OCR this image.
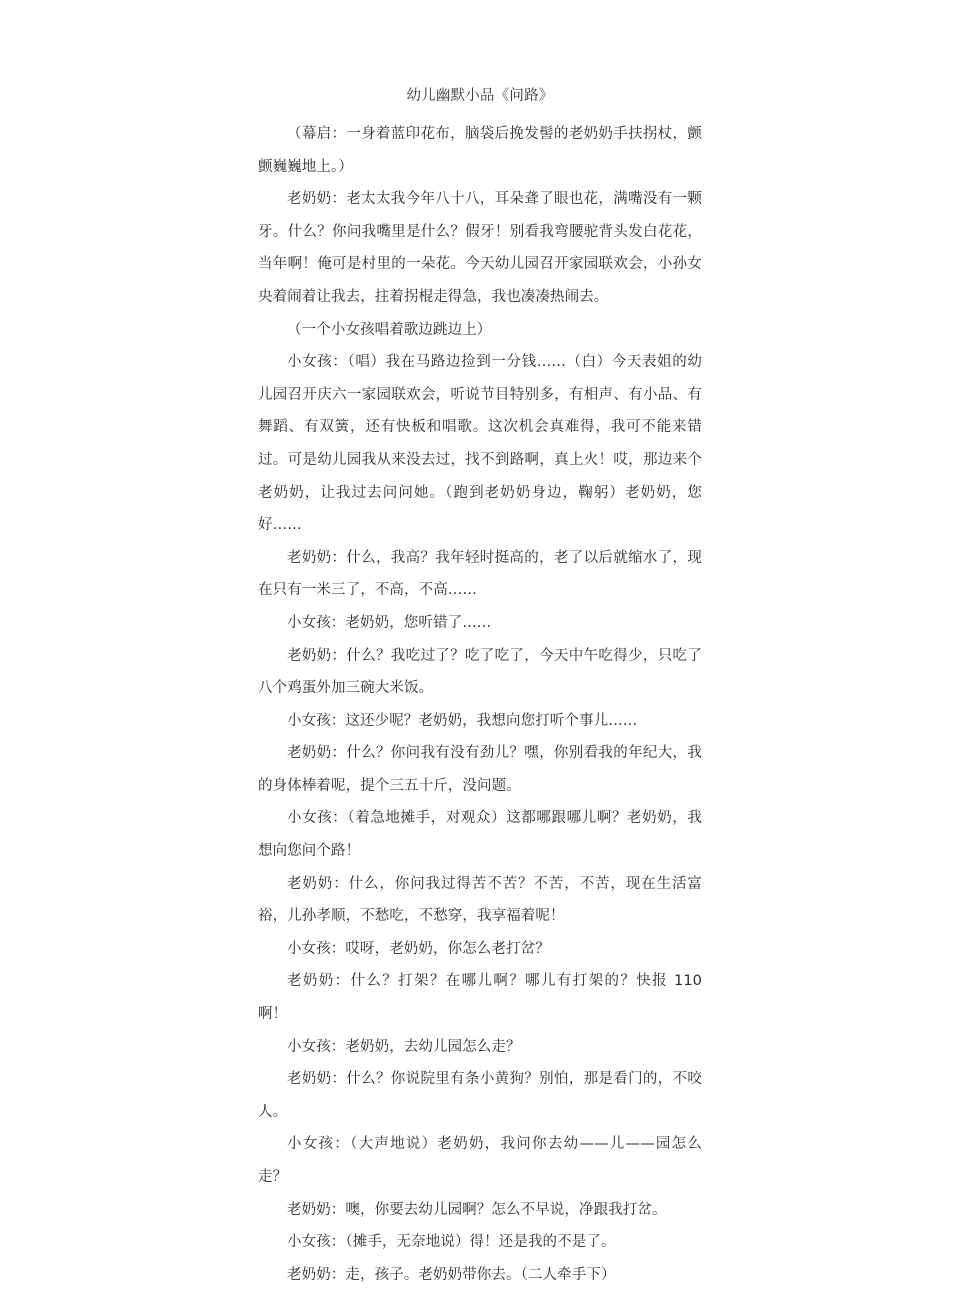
幼儿幽默小品《问路》

（幕启：一身着蓝印花布，脑袋后挽发髻的老奶奶手扶拐杖，颤颤巍巍地上。）

老奶奶：老太太我今年八十八，耳朵聋了眼也花，满嘴没有一颗牙。什么？你问我嘴里是什么？假牙！别看我弯腰驼背头发白花花，当年啊！俺可是村里的一朵花。今天幼儿园召开家园联欢会，小孙女央着闹着让我去，拄着拐棍走得急，我也凑凑热闹去。

（一个小女孩唱着歌边跳边上）

小女孩：（唱）我在马路边捡到一分钱……（白）今天表姐的幼儿园召开庆六一家园联欢会，听说节目特别多，有相声、有小品、有舞蹈、有双簧，还有快板和唱歌。这次机会真难得，我可不能来错过。可是幼儿园我从来没去过，找不到路啊，真上火！哎，那边来个老奶奶，让我过去问问她。（跑到老奶奶身边，鞠躬）老奶奶，您好……

老奶奶：什么，我高？我年轻时挺高的，老了以后就缩水了，现在只有一米三了，不高，不高……

小女孩：老奶奶，您听错了……

老奶奶：什么？我吃过了？吃了吃了，今天中午吃得少，只吃了八个鸡蛋外加三碗大米饭。

小女孩：这还少呢？老奶奶，我想向您打听个事儿……

老奶奶：什么？你问我有没有劲儿？嘿，你别看我的年纪大，我的身体棒着呢，提个三五十斤，没问题。

小女孩：（着急地摊手，对观众）这都哪跟哪儿啊？老奶奶，我想向您问个路！

老奶奶：什么，你问我过得苦不苦？不苦，不苦，现在生活富裕，儿孙孝顺，不愁吃，不愁穿，我享福着呢！

小女孩：哎呀，老奶奶，你怎么老打岔？

老奶奶：什么？打架？在哪儿啊？哪儿有打架的？快报 110 啊！

小女孩：老奶奶，去幼儿园怎么走？

老奶奶：什么？你说院里有条小黄狗？别怕，那是看门的，不咬人。

小女孩：（大声地说）老奶奶，我问你去幼——儿——园怎么走？

老奶奶：噢，你要去幼儿园啊？怎么不早说，净跟我打岔。

小女孩：（摊手，无奈地说）得！还是我的不是了。

老奶奶：走，孩子。老奶奶带你去。（二人牵手下）
